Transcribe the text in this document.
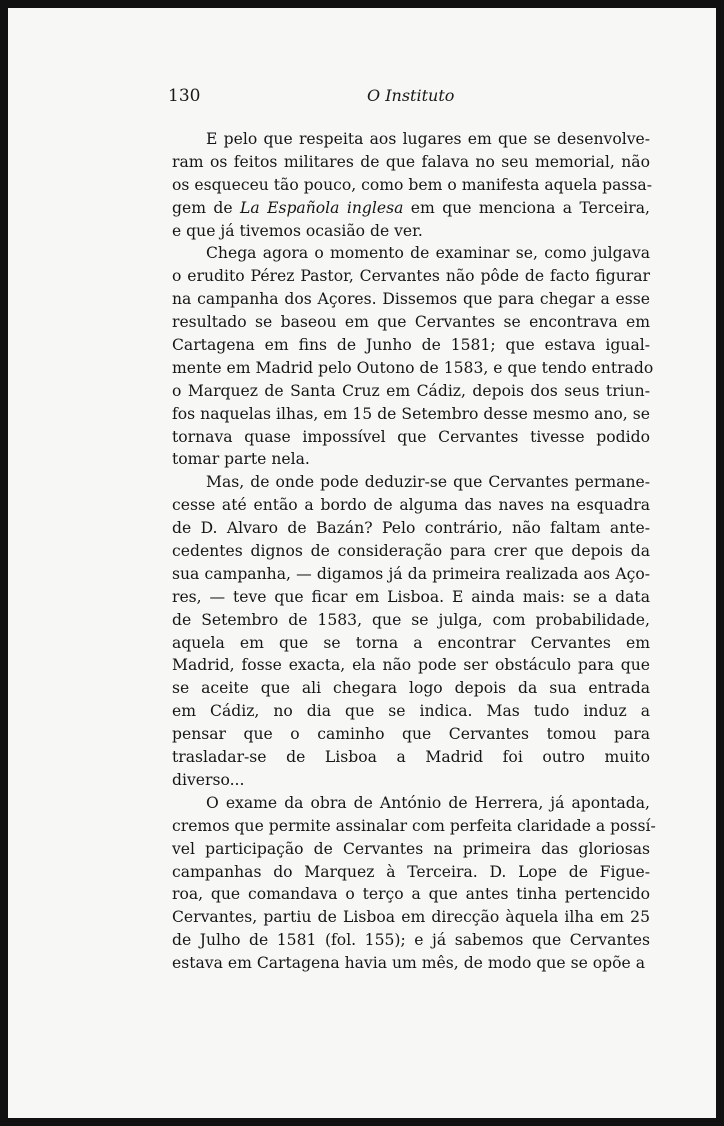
130	O Instituto
E pelo que respeita aos lugares em que se desenvolve-
ram os feitos militares de que falava no seu memorial, não
os esqueceu tão pouco, como bem o manifesta aquela passa-
gem de La Española inglesa em que menciona a Terceira,
e que já tivemos ocasião de ver.
Chega agora o momento de examinar se, como julgava
o erudito Pérez Pastor, Cervantes não pôde de facto figurar
na campanha dos Açores. Dissemos que para chegar a esse
resultado se baseou em que Cervantes se encontrava em
Cartagena em fins de Junho de 1581; que estava igual-
mente em Madrid pelo Outono de 1583, e que tendo entrado
o Marquez de Santa Cruz em Cádiz, depois dos seus triun-
fos naquelas ilhas, em 15 de Setembro desse mesmo ano, se
tornava quase impossível que Cervantes tivesse podido
tomar parte nela.
Mas, de onde pode deduzir-se que Cervantes permane-
cesse até então a bordo de alguma das naves na esquadra
de D. Alvaro de Bazán? Pelo contrário, não faltam ante-
cedentes dignos de consideração para crer que depois da
sua campanha, — digamos já da primeira realizada aos Aço-
res, — teve que ficar em Lisboa. E ainda mais: se a data
de Setembro de 1583, que se julga, com probabilidade,
aquela em que se torna a encontrar Cervantes em
Madrid, fosse exacta, ela não pode ser obstáculo para que
se aceite que ali chegara logo depois da sua entrada
em Cádiz, no dia que se indica. Mas tudo induz a
pensar que o caminho que Cervantes tomou para
trasladar-se de Lisboa a Madrid foi outro muito
diverso...
O exame da obra de António de Herrera, já apontada,
cremos que permite assinalar com perfeita claridade a possí-
vel participação de Cervantes na primeira das gloriosas
campanhas do Marquez à Terceira. D. Lope de Figue-
roa, que comandava o terço a que antes tinha pertencido
Cervantes, partiu de Lisboa em direcção àquela ilha em 25
de Julho de 1581 (fol. 155); e já sabemos que Cervantes
estava em Cartagena havia um mês, de modo que se opõe a
